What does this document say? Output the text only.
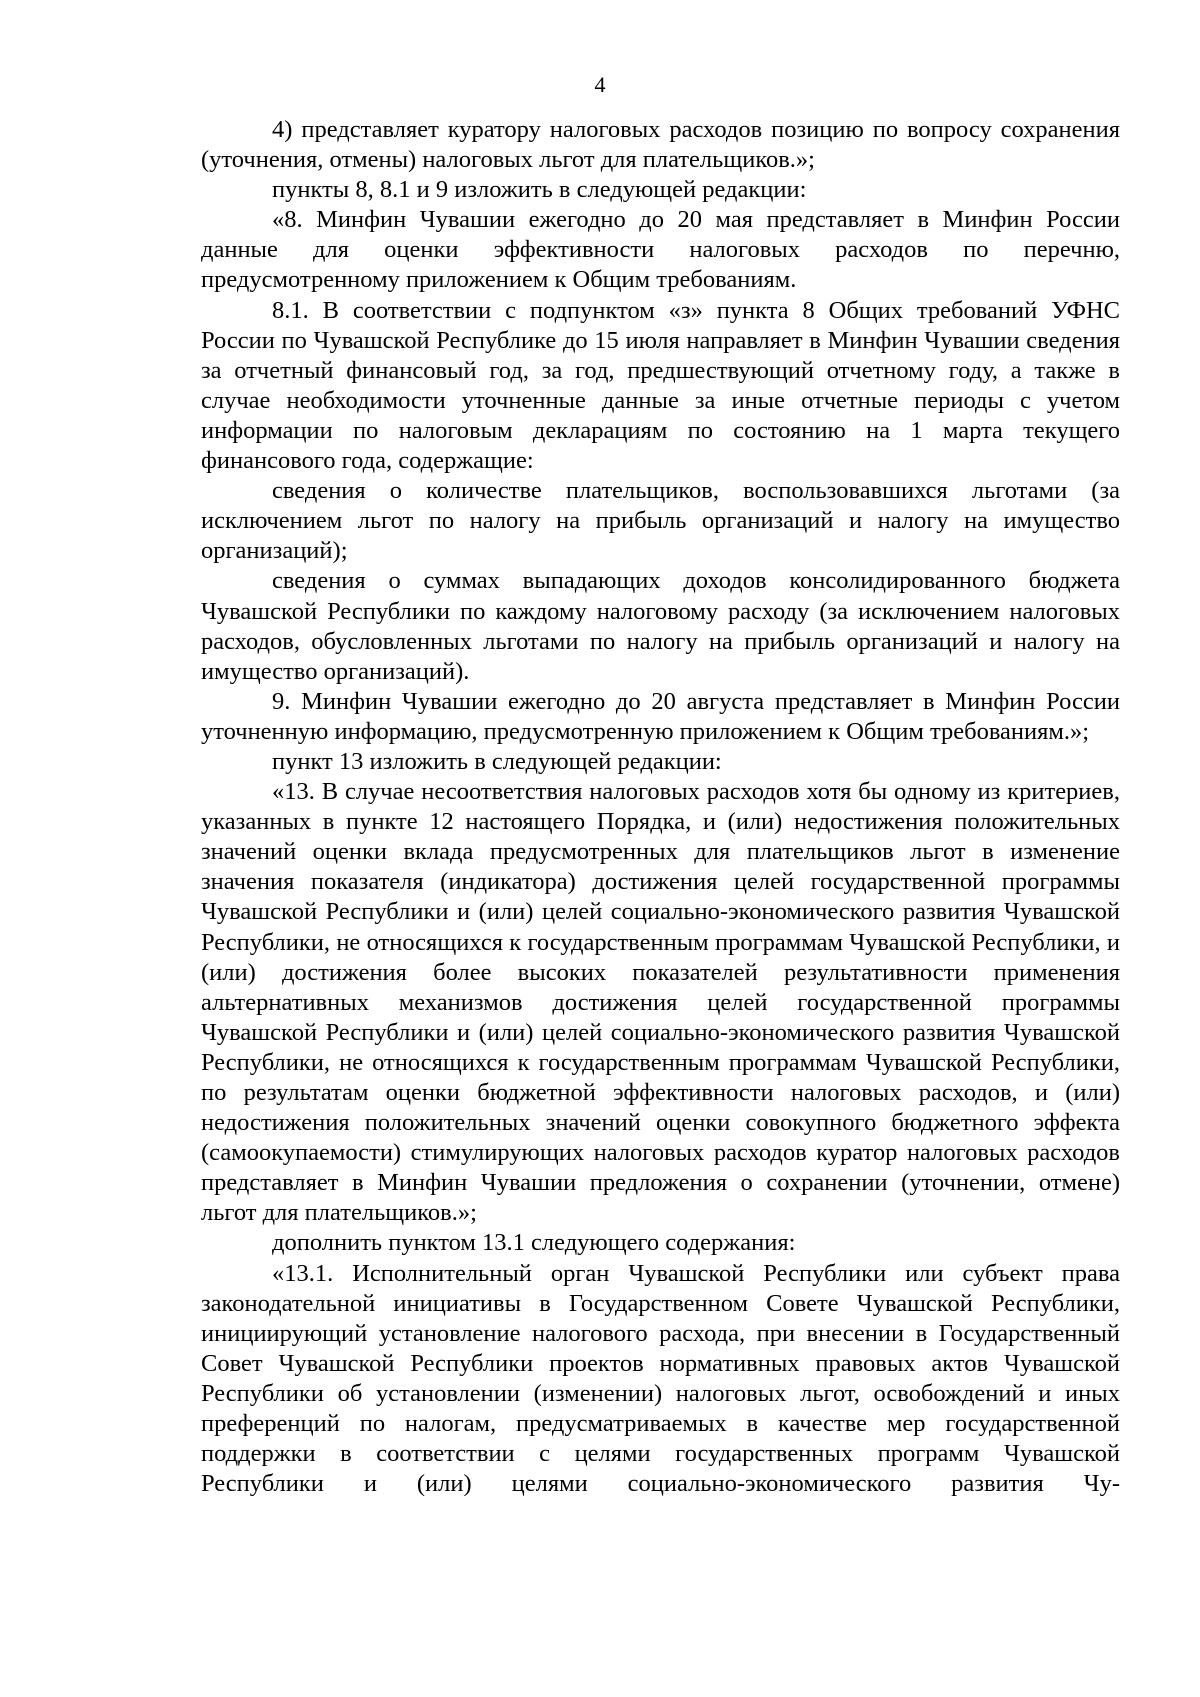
4

4) представляет куратору налоговых расходов позицию по вопросу сохранения (уточнения, отмены) налоговых льгот для плательщиков.»;

пункты 8, 8.1 и 9 изложить в следующей редакции:

«8. Минфин Чувашии ежегодно до 20 мая представляет в Минфин России данные для оценки эффективности налоговых расходов по перечню, предусмотренному приложением к Общим требованиям.

8.1. В соответствии с подпунктом «з» пункта 8 Общих требований УФНС России по Чувашской Республике до 15 июля направляет в Минфин Чувашии сведения за отчетный финансовый год, за год, предшествующий отчетному году, а также в случае необходимости уточненные данные за иные отчетные периоды с учетом информации по налоговым декларациям по состоянию на 1 марта текущего финансового года, содержащие:

сведения о количестве плательщиков, воспользовавшихся льготами (за исключением льгот по налогу на прибыль организаций и налогу на имущество организаций);

сведения о суммах выпадающих доходов консолидированного бюджета Чувашской Республики по каждому налоговому расходу (за исключением налоговых расходов, обусловленных льготами по налогу на прибыль организаций и налогу на имущество организаций).

9. Минфин Чувашии ежегодно до 20 августа представляет в Минфин России уточненную информацию, предусмотренную приложением к Общим требованиям.»;

пункт 13 изложить в следующей редакции:

«13. В случае несоответствия налоговых расходов хотя бы одному из критериев, указанных в пункте 12 настоящего Порядка, и (или) недостижения положительных значений оценки вклада предусмотренных для плательщиков льгот в изменение значения показателя (индикатора) достижения целей государственной программы Чувашской Республики и (или) целей социально-экономического развития Чувашской Республики, не относящихся к государственным программам Чувашской Республики, и (или) достижения более высоких показателей результативности применения альтернативных механизмов достижения целей государственной программы Чувашской Республики и (или) целей социально-экономического развития Чувашской Республики, не относящихся к государственным программам Чувашской Республики, по результатам оценки бюджетной эффективности налоговых расходов, и (или) недостижения положительных значений оценки совокупного бюджетного эффекта (самоокупаемости) стимулирующих налоговых расходов куратор налоговых расходов представляет в Минфин Чувашии предложения о сохранении (уточнении, отмене) льгот для плательщиков.»;

дополнить пунктом 13.1 следующего содержания:

«13.1. Исполнительный орган Чувашской Республики или субъект права законодательной инициативы в Государственном Совете Чувашской Республики, инициирующий установление налогового расхода, при внесении в Государственный Совет Чувашской Республики проектов нормативных правовых актов Чувашской Республики об установлении (изменении) налоговых льгот, освобождений и иных преференций по налогам, предусматриваемых в качестве мер государственной поддержки в соответствии с целями государственных программ Чувашской Республики и (или) целями социально-экономического развития Чу-
